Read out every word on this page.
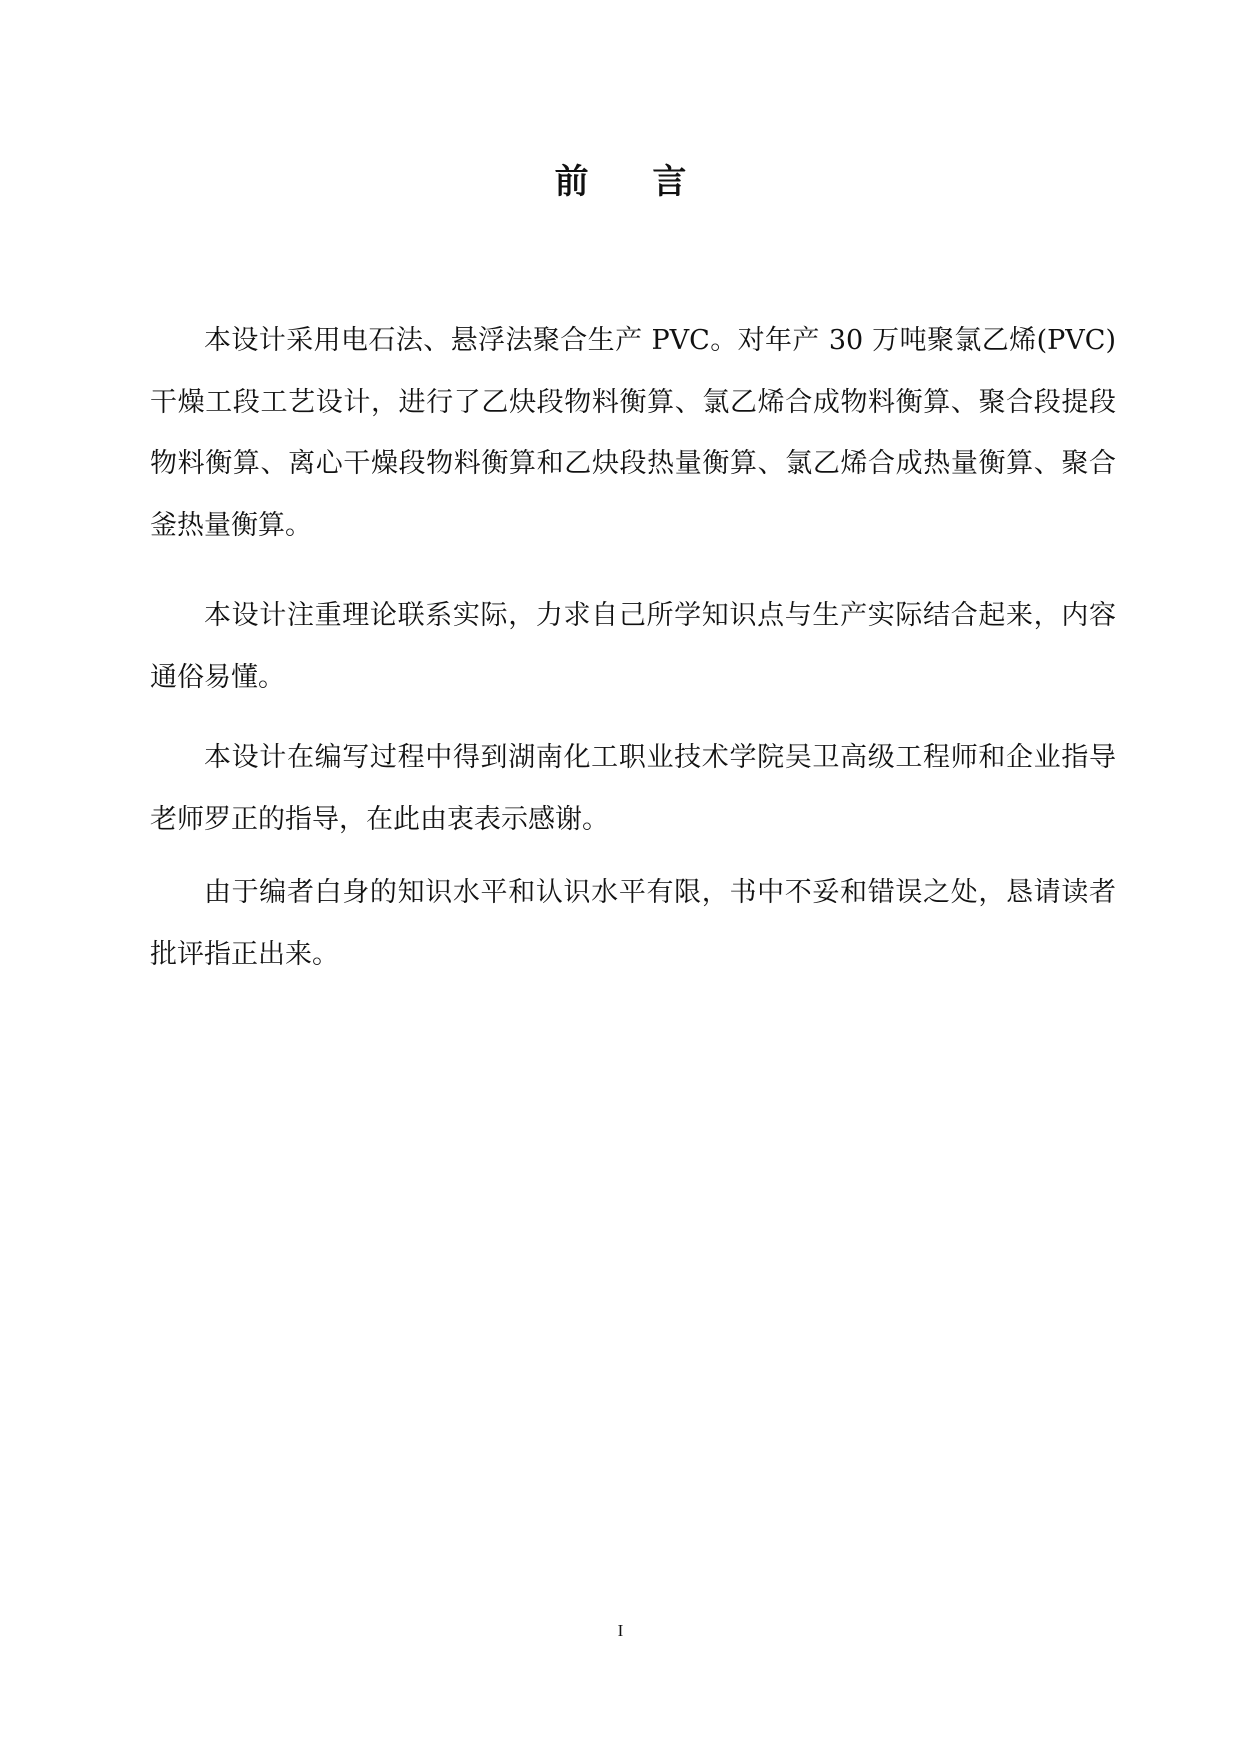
前 言

本设计采用电石法、悬浮法聚合生产 PVC。对年产 30 万吨聚氯乙烯(PVC)干燥工段工艺设计，进行了乙炔段物料衡算、氯乙烯合成物料衡算、聚合段提段物料衡算、离心干燥段物料衡算和乙炔段热量衡算、氯乙烯合成热量衡算、聚合釜热量衡算。

本设计注重理论联系实际，力求自己所学知识点与生产实际结合起来，内容通俗易懂。

本设计在编写过程中得到湖南化工职业技术学院吴卫高级工程师和企业指导老师罗正的指导，在此由衷表示感谢。

由于编者白身的知识水平和认识水平有限，书中不妥和错误之处，恳请读者批评指正出来。

I
